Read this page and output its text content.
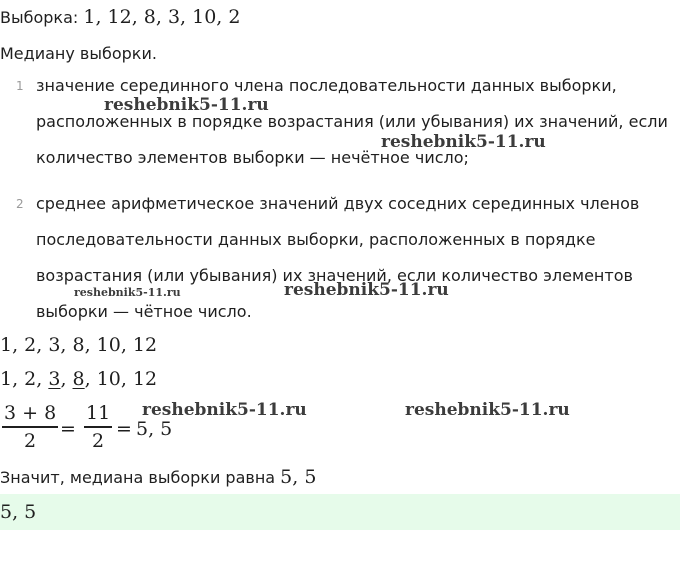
Выборка: 1, 12, 8, 3, 10, 2
Медиану выборки.
1 значение серединного члена последовательности данных выборки,
расположенных в порядке возрастания (или убывания) их значений, если
количество элементов выборки — нечётное число;
2 среднее арифметическое значений двух соседних серединных членов
последовательности данных выборки, расположенных в порядке
возрастания (или убывания) их значений, если количество элементов
выборки — чётное число.
1, 2, 3, 8, 10, 12
1, 2, 3, 8, 10, 12
3 + 8
2
=
11
2
= 5, 5
Значит, медиана выборки равна 5, 5
5, 5
reshebnik5-11.ru
reshebnik5-11.ru
reshebnik5-11.ru	reshebnik5-11.ru
reshebnik5-11.ru	reshebnik5-11.ru
